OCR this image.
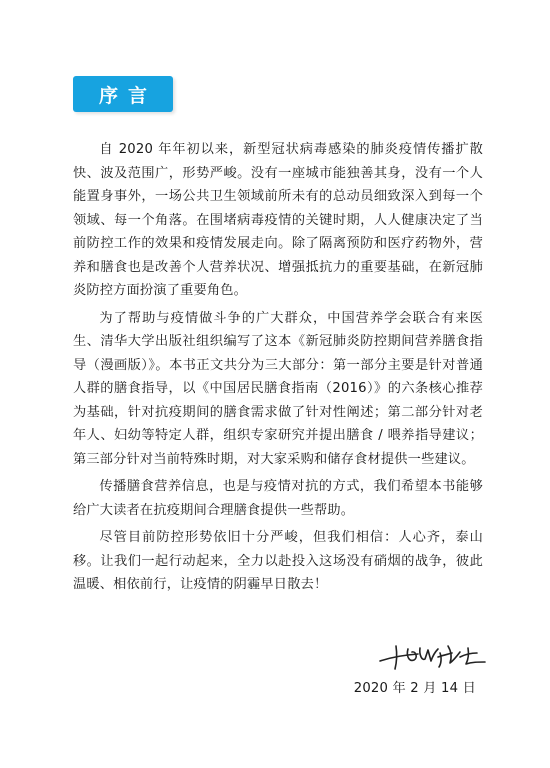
序言

自 2020 年年初以来，新型冠状病毒感染的肺炎疫情传播扩散快、波及范围广，形势严峻。没有一座城市能独善其身，没有一个人能置身事外，一场公共卫生领域前所未有的总动员细致深入到每一个领域、每一个角落。在围堵病毒疫情的关键时期，人人健康决定了当前防控工作的效果和疫情发展走向。除了隔离预防和医疗药物外，营养和膳食也是改善个人营养状况、增强抵抗力的重要基础，在新冠肺炎防控方面扮演了重要角色。

为了帮助与疫情做斗争的广大群众，中国营养学会联合有来医生、清华大学出版社组织编写了这本《新冠肺炎防控期间营养膳食指导（漫画版）》。本书正文共分为三大部分：第一部分主要是针对普通人群的膳食指导，以《中国居民膳食指南（2016）》的六条核心推荐为基础，针对抗疫期间的膳食需求做了针对性阐述；第二部分针对老年人、妇幼等特定人群，组织专家研究并提出膳食 / 喂养指导建议；第三部分针对当前特殊时期，对大家采购和储存食材提供一些建议。

传播膳食营养信息，也是与疫情对抗的方式，我们希望本书能够给广大读者在抗疫期间合理膳食提供一些帮助。

尽管目前防控形势依旧十分严峻，但我们相信：人心齐，泰山移。让我们一起行动起来，全力以赴投入这场没有硝烟的战争，彼此温暖、相依前行，让疫情的阴霾早日散去！

2020 年 2 月 14 日
